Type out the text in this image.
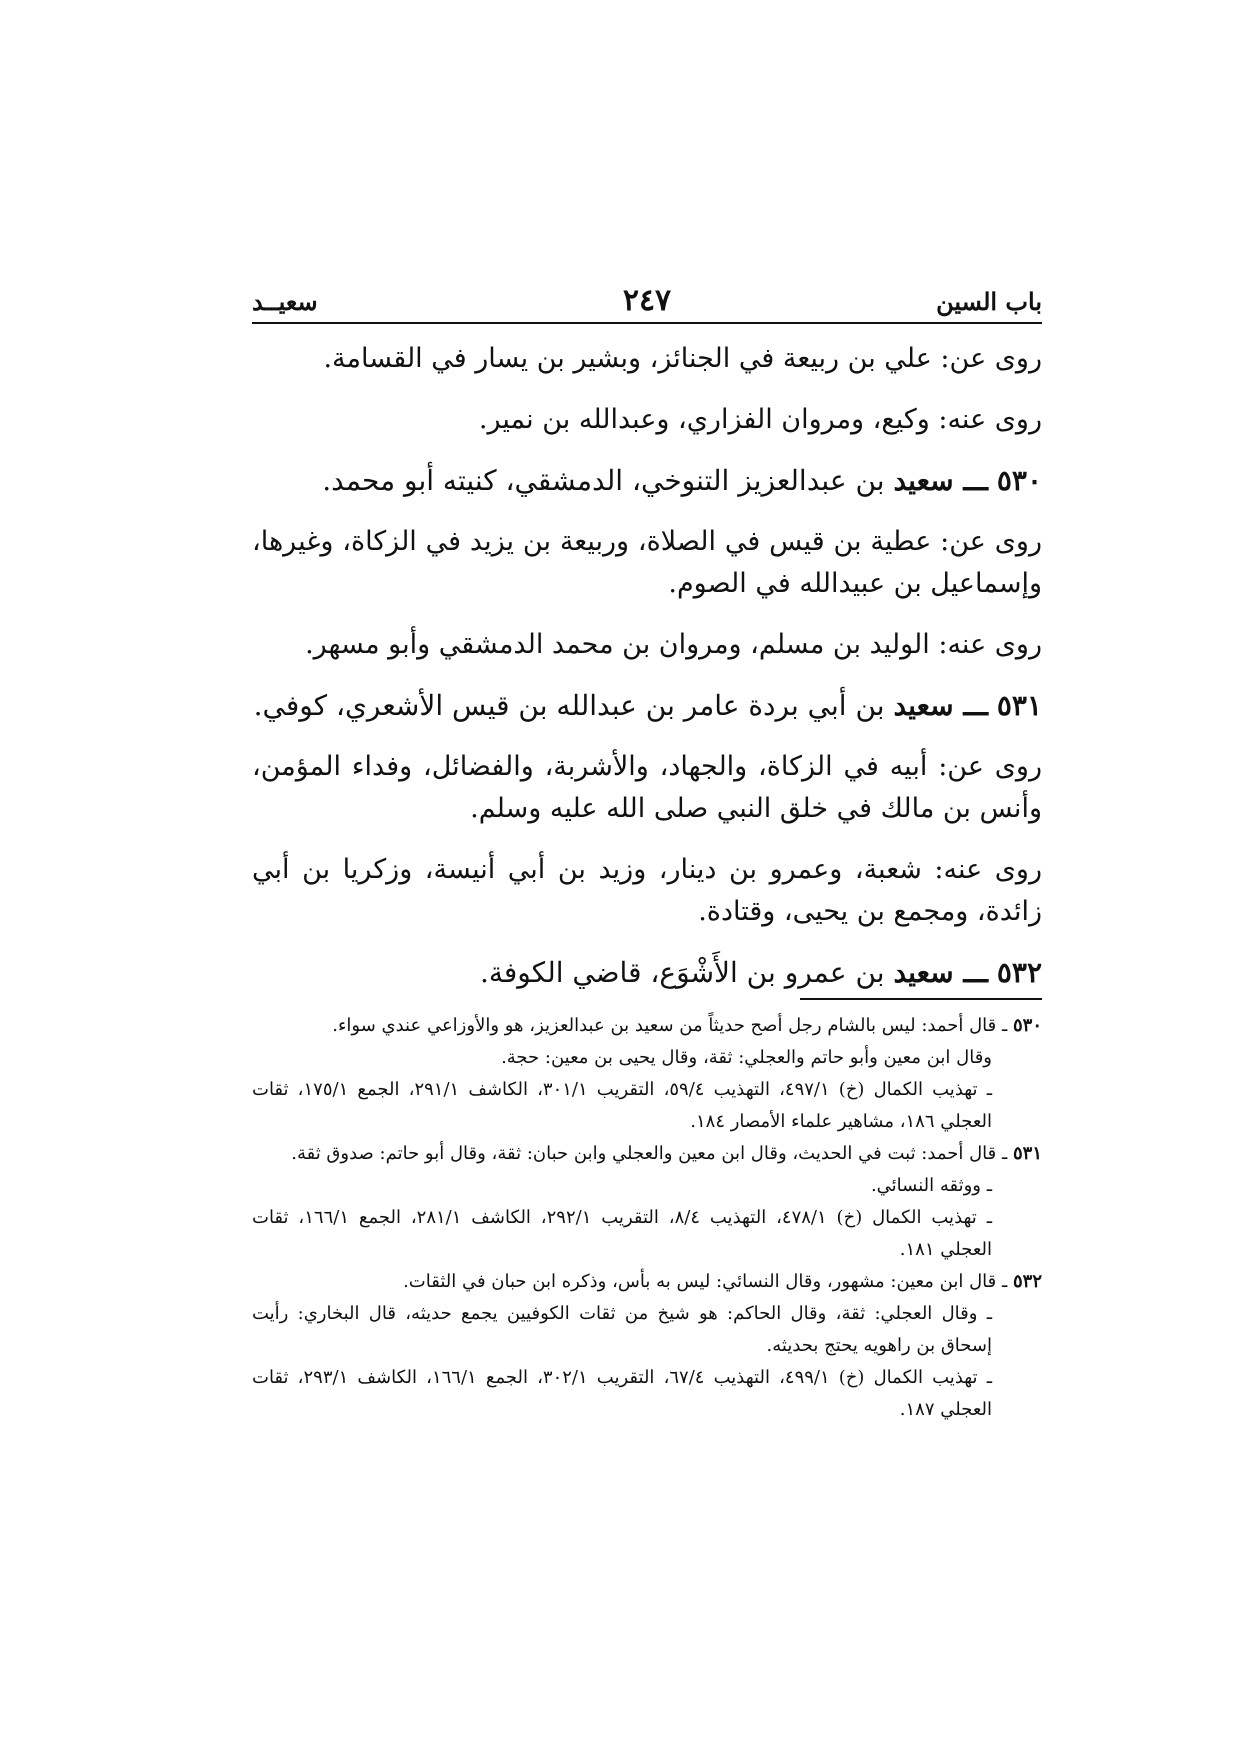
باب السين
٢٤٧
سعيــد

روى عن: علي بن ربيعة في الجنائز، وبشير بن يسار في القسامة.

روى عنه: وكيع، ومروان الفزاري، وعبدالله بن نمير.

٥٣٠ ـــ سعيد بن عبدالعزيز التنوخي، الدمشقي، كنيته أبو محمد.

روى عن: عطية بن قيس في الصلاة، وربيعة بن يزيد في الزكاة، وغيرها، وإسماعيل بن عبيدالله في الصوم.

روى عنه: الوليد بن مسلم، ومروان بن محمد الدمشقي وأبو مسهر.

٥٣١ ـــ سعيد بن أبي بردة عامر بن عبدالله بن قيس الأشعري، كوفي.

روى عن: أبيه في الزكاة، والجهاد، والأشربة، والفضائل، وفداء المؤمن، وأنس بن مالك في خلق النبي صلى الله عليه وسلم.

روى عنه: شعبة، وعمرو بن دينار، وزيد بن أبي أنيسة، وزكريا بن أبي زائدة، ومجمع بن يحيى، وقتادة.

٥٣٢ ـــ سعيد بن عمرو بن الأَشْوَع، قاضي الكوفة.

٥٣٠ ـ قال أحمد: ليس بالشام رجل أصح حديثاً من سعيد بن عبدالعزيز، هو والأوزاعي عندي سواء.

وقال ابن معين وأبو حاتم والعجلي: ثقة، وقال يحيى بن معين: حجة.

ـ تهذيب الكمال (خ) ٤٩٧/١، التهذيب ٥٩/٤، التقريب ٣٠١/١، الكاشف ٢٩١/١، الجمع ١٧٥/١، ثقات العجلي ١٨٦، مشاهير علماء الأمصار ١٨٤.

٥٣١ ـ قال أحمد: ثبت في الحديث، وقال ابن معين والعجلي وابن حبان: ثقة، وقال أبو حاتم: صدوق ثقة.

ـ ووثقه النسائي.

ـ تهذيب الكمال (خ) ٤٧٨/١، التهذيب ٨/٤، التقريب ٢٩٢/١، الكاشف ٢٨١/١، الجمع ١٦٦/١، ثقات العجلي ١٨١.

٥٣٢ ـ قال ابن معين: مشهور، وقال النسائي: ليس به بأس، وذكره ابن حبان في الثقات.

ـ وقال العجلي: ثقة، وقال الحاكم: هو شيخ من ثقات الكوفيين يجمع حديثه، قال البخاري: رأيت إسحاق بن راهويه يحتج بحديثه.

ـ تهذيب الكمال (خ) ٤٩٩/١، التهذيب ٦٧/٤، التقريب ٣٠٢/١، الجمع ١٦٦/١، الكاشف ٢٩٣/١، ثقات العجلي ١٨٧.
